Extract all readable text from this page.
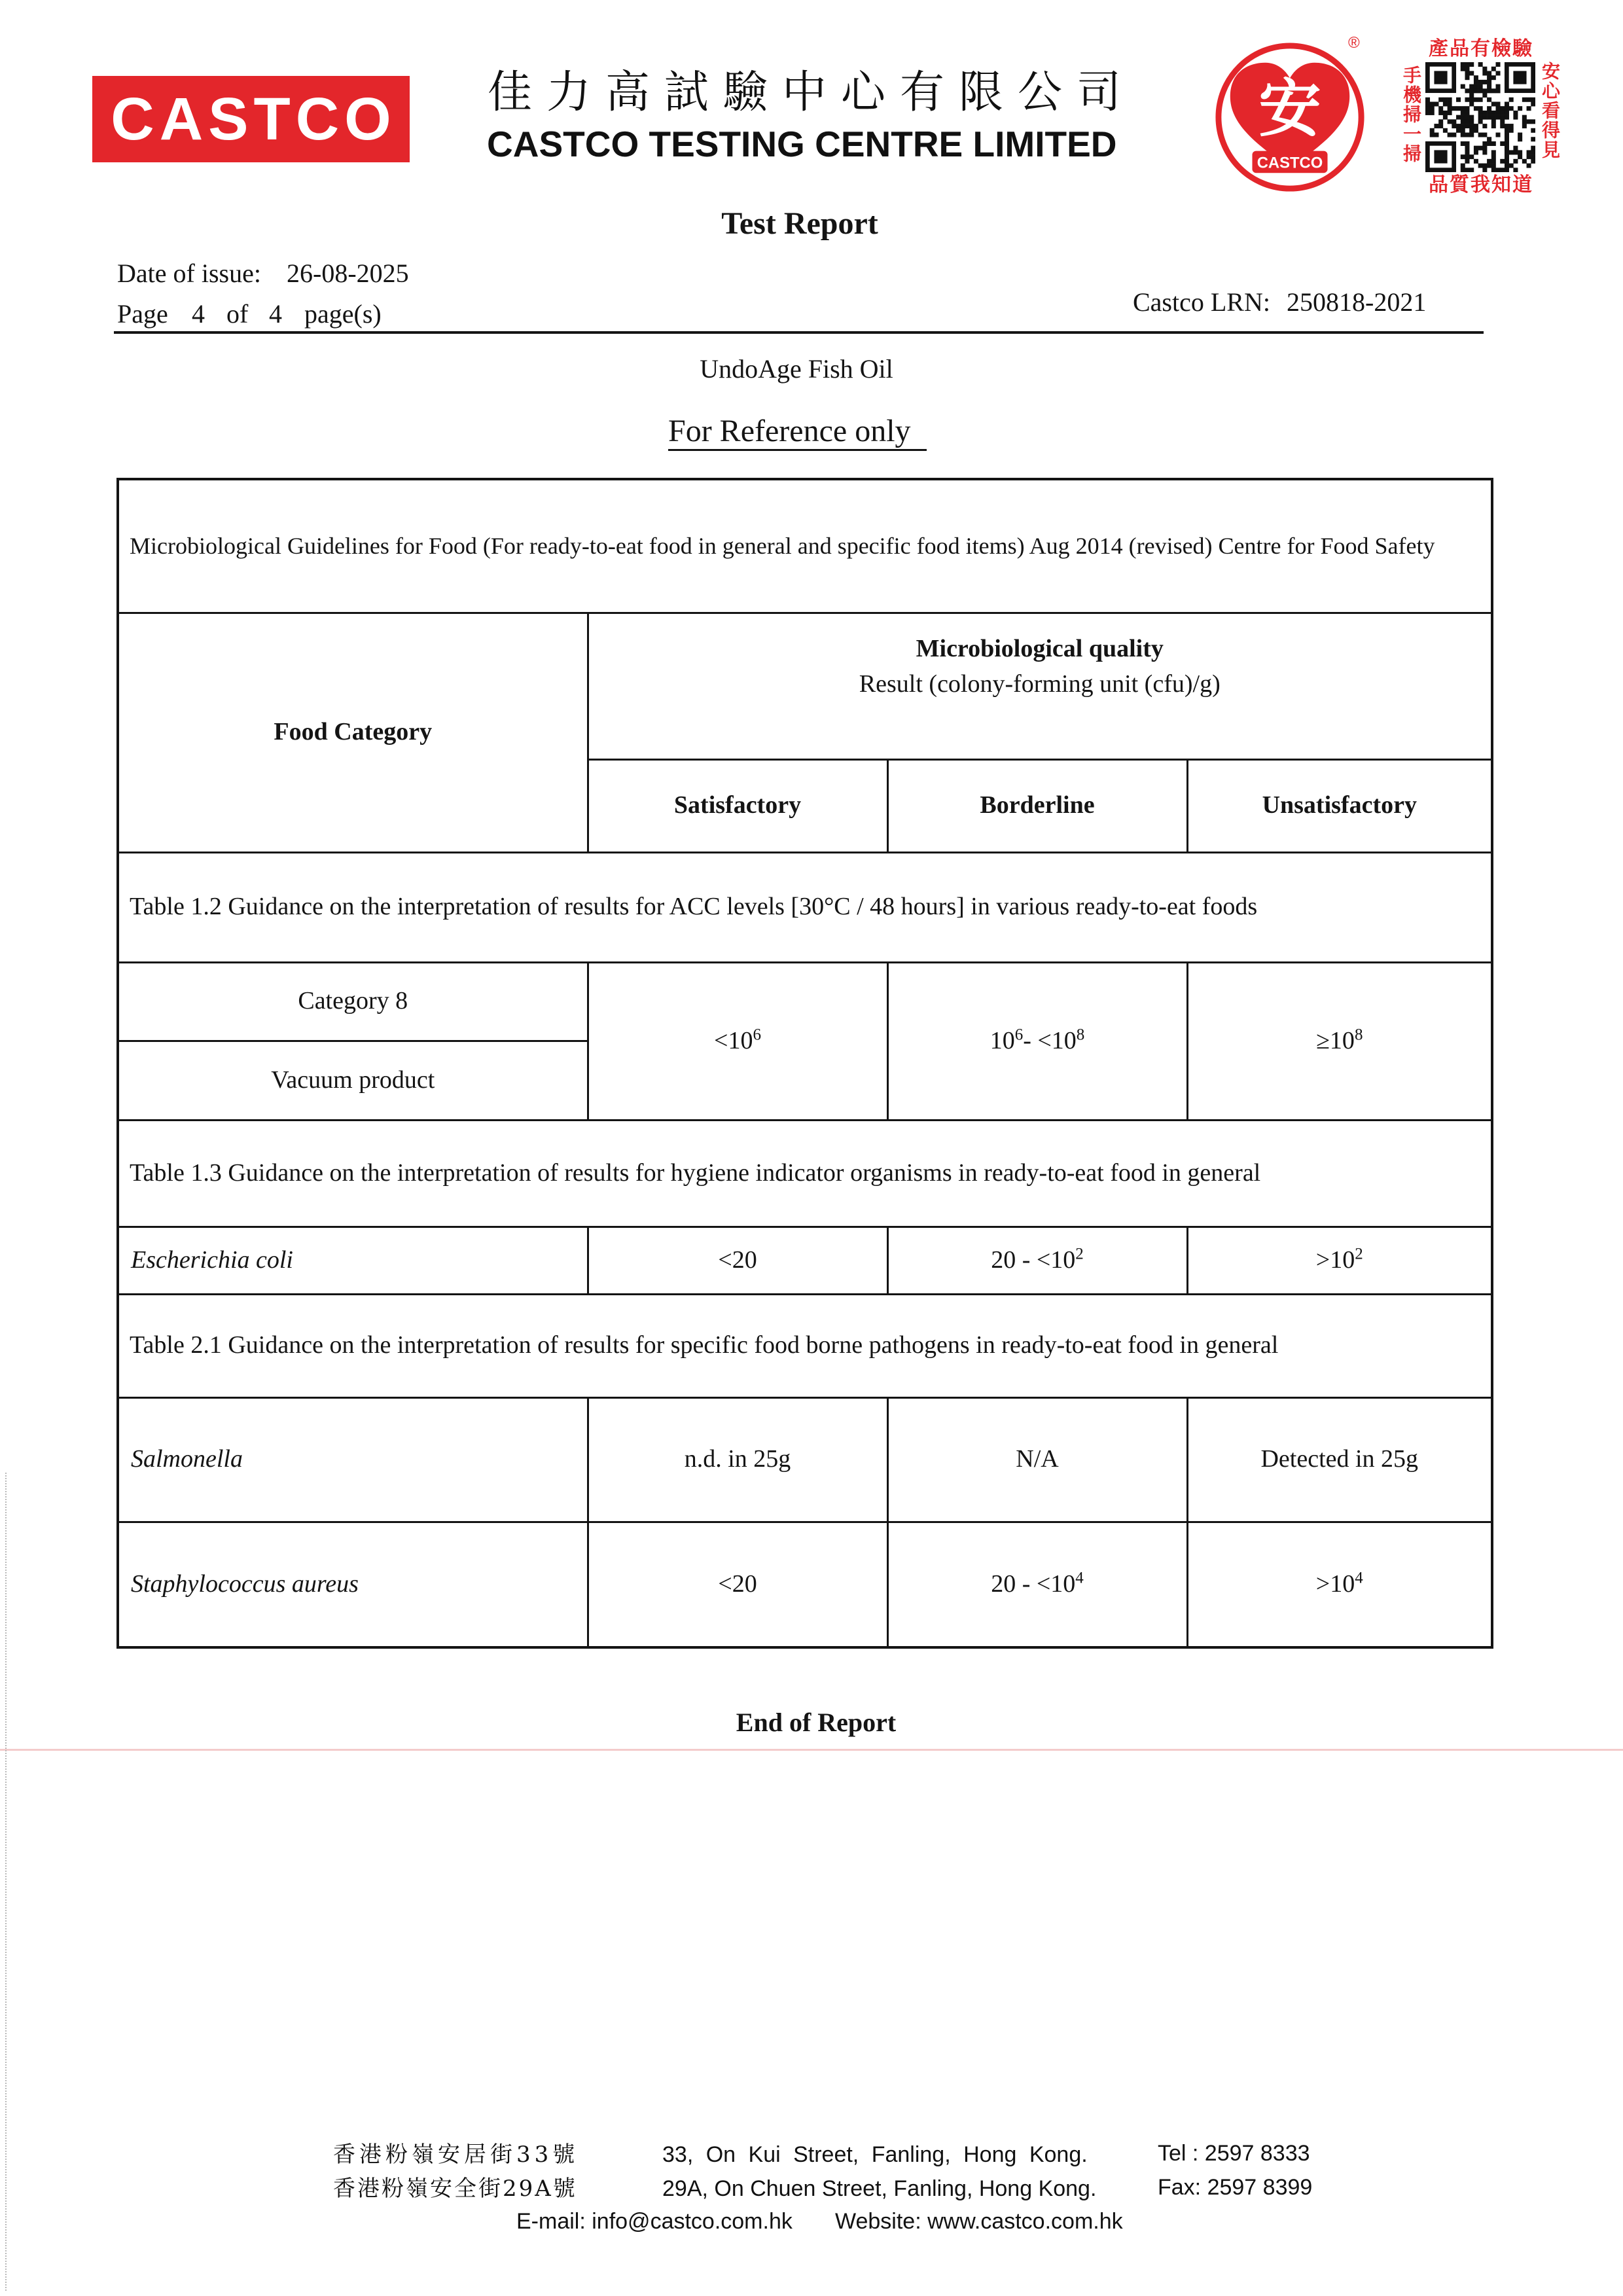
CASTCO 佳力高試驗中心有限公司
CASTCO TESTING CENTRE LIMITED 安
CASTCO
®	產品有檢驗
手機掃一掃	安心看得見
品質我知道
Test Report
Date of issue: 26-08-2025
Page 4 of 4 page(s)	Castco LRN: 250818-2021
UndoAge Fish Oil
For Reference only
Microbiological Guidelines for Food (For ready-to-eat food in general and specific food items) Aug 2014 (revised) Centre for Food Safety			
Food Category	Microbiological quality
Result (colony-forming unit (cfu)/g)		

	Satisfactory	Borderline	Unsatisfactory
Table 1.2 Guidance on the interpretation of results for ACC levels [30°C / 48 hours] in various ready-to-eat foods			
Category 8	$<10^6$	$10^6- <10^8$	$\ge 10^8$
Vacuum product			
Table 1.3 Guidance on the interpretation of results for hygiene indicator organisms in ready-to-eat food in general			
Escherichia coli	<20	$20 - <10^2$	$>10^2$
Table 2.1 Guidance on the interpretation of results for specific food borne pathogens in ready-to-eat food in general			
Salmonella	n.d. in 25g	N/A	Detected in 25g
Staphylococcus aureus	<20	$20 - <10^4$	$>10^4$
End of Report
香港粉嶺安居街33號	33, On Kui Street, Fanling, Hong Kong.	Tel : 2597 8333
香港粉嶺安全街29A號	29A, On Chuen Street, Fanling, Hong Kong.	Fax: 2597 8399
E-mail: info@castco.com.hk Website: www.castco.com.hk
